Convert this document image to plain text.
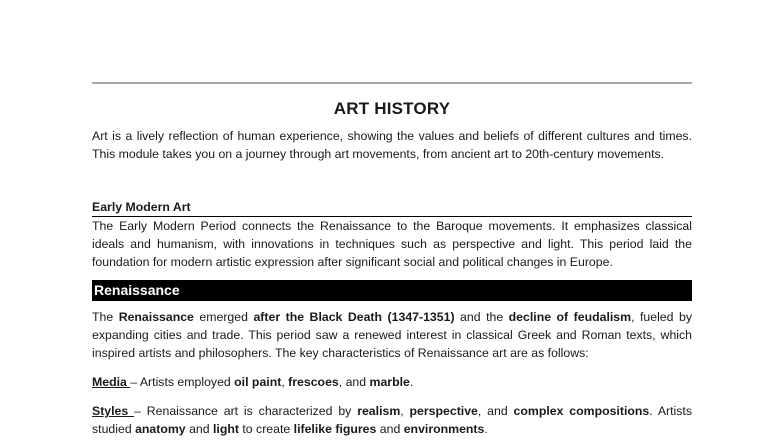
ART HISTORY

Art is a lively reflection of human experience, showing the values and beliefs of different cultures and times. This module takes you on a journey through art movements, from ancient art to 20th-century movements.

Early Modern Art

The Early Modern Period connects the Renaissance to the Baroque movements. It emphasizes classical ideals and humanism, with innovations in techniques such as perspective and light. This period laid the foundation for modern artistic expression after significant social and political changes in Europe.

Renaissance

The Renaissance emerged after the Black Death (1347-1351) and the decline of feudalism, fueled by expanding cities and trade. This period saw a renewed interest in classical Greek and Roman texts, which inspired artists and philosophers. The key characteristics of Renaissance art are as follows:

Media – Artists employed oil paint, frescoes, and marble.

Styles – Renaissance art is characterized by realism, perspective, and complex compositions. Artists studied anatomy and light to create lifelike figures and environments.
